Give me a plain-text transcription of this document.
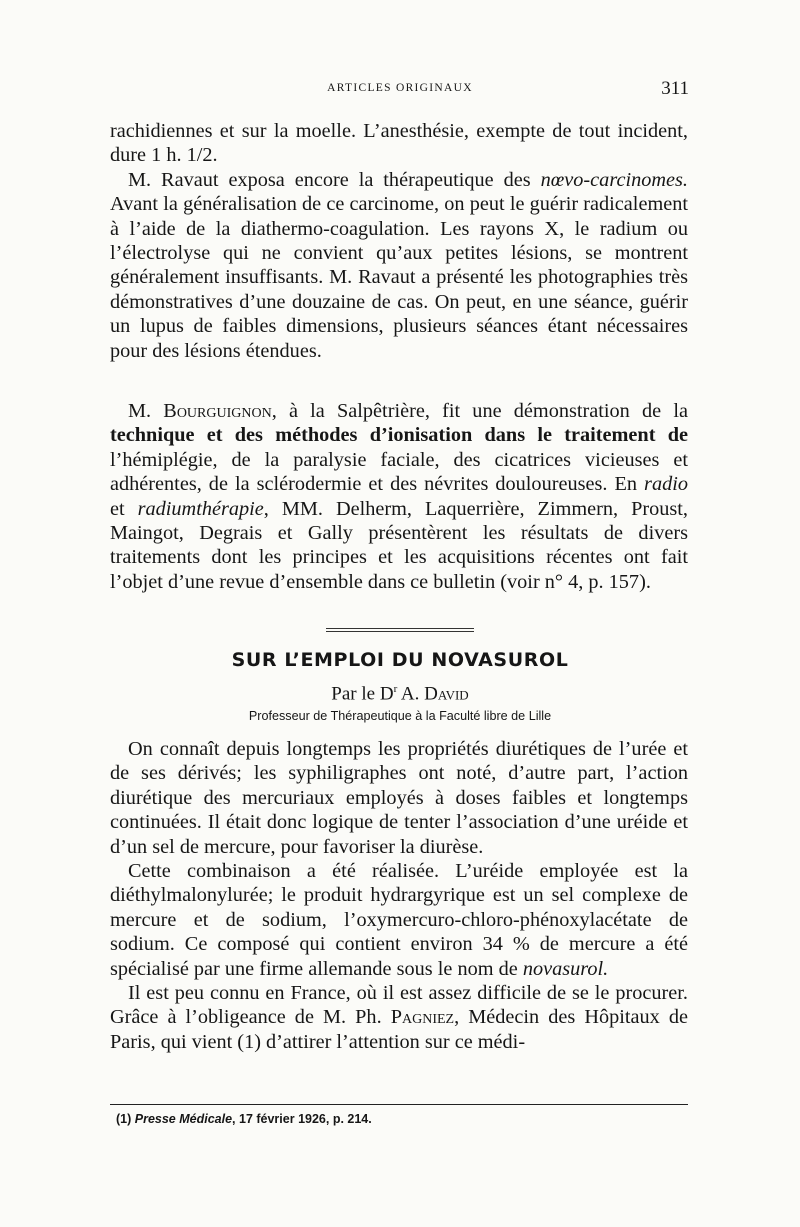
ARTICLES ORIGINAUX	311

rachidiennes et sur la moelle. L’anesthésie, exempte de tout incident, dure 1 h. 1/2.

M. Ravaut exposa encore la thérapeutique des nœvo-carcinomes. Avant la généralisation de ce carcinome, on peut le guérir radicalement à l’aide de la diathermo-coagulation. Les rayons X, le radium ou l’électrolyse qui ne convient qu’aux petites lésions, se montrent généralement insuffisants. M. Ravaut a présenté les photographies très démonstratives d’une douzaine de cas. On peut, en une séance, guérir un lupus de faibles dimensions, plusieurs séances étant nécessaires pour des lésions étendues.

M. Bourguignon, à la Salpêtrière, fit une démonstration de la technique et des méthodes d’ionisation dans le traitement de l’hémiplégie, de la paralysie faciale, des cicatrices vicieuses et adhérentes, de la sclérodermie et des névrites douloureuses. En radio et radiumthérapie, MM. Delherm, Laquerrière, Zimmern, Proust, Maingot, Degrais et Gally présentèrent les résultats de divers traitements dont les principes et les acquisitions récentes ont fait l’objet d’une revue d’ensemble dans ce bulletin (voir n° 4, p. 157).

SUR L’EMPLOI DU NOVASUROL
Par le $D^r$ A. David
Professeur de Thérapeutique à la Faculté libre de Lille

On connaît depuis longtemps les propriétés diurétiques de l’urée et de ses dérivés; les syphiligraphes ont noté, d’autre part, l’action diurétique des mercuriaux employés à doses faibles et longtemps continuées. Il était donc logique de tenter l’association d’une uréide et d’un sel de mercure, pour favoriser la diurèse.

Cette combinaison a été réalisée. L’uréide employée est la diéthylmalonylurée; le produit hydrargyrique est un sel complexe de mercure et de sodium, l’oxymercuro-chloro-phénoxylacétate de sodium. Ce composé qui contient environ 34 % de mercure a été spécialisé par une firme allemande sous le nom de novasurol.

Il est peu connu en France, où il est assez difficile de se le procurer. Grâce à l’obligeance de M. Ph. Pagniez, Médecin des Hôpitaux de Paris, qui vient (1) d’attirer l’attention sur ce médi-

(1) Presse Médicale, 17 février 1926, p. 214.
